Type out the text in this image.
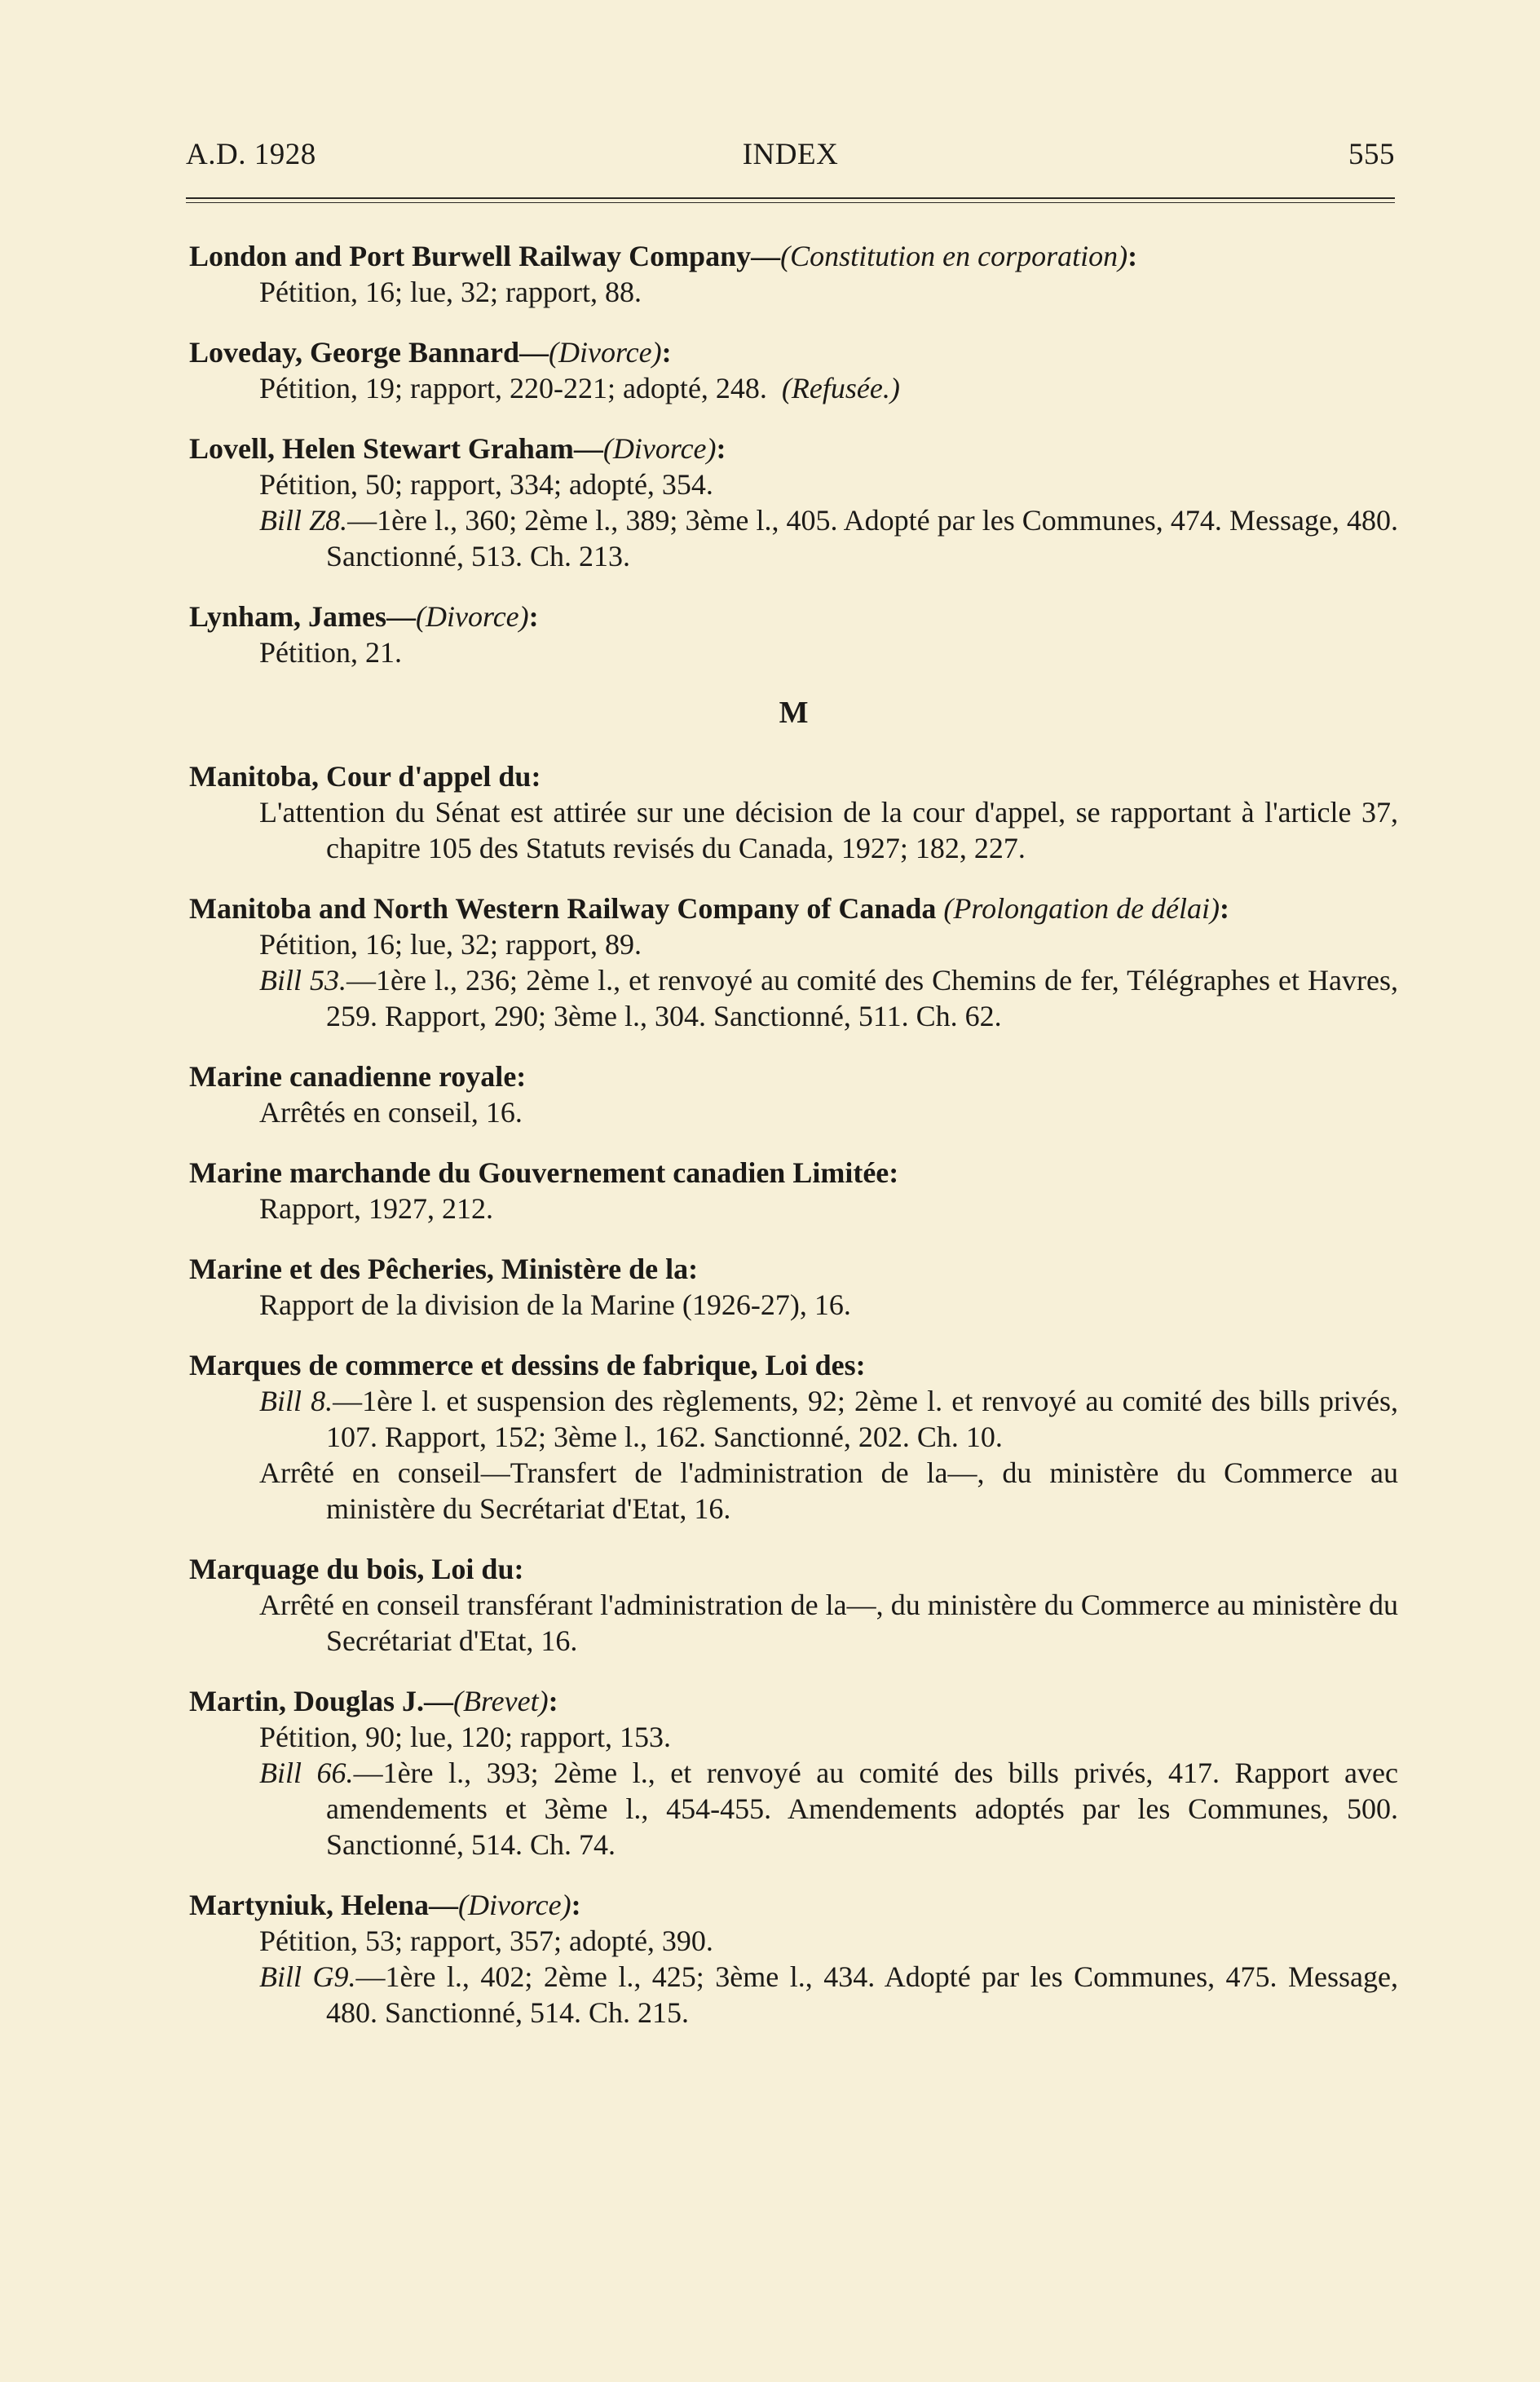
A.D. 1928	INDEX	555
London and Port Burwell Railway Company—(Constitution en corporation):
Pétition, 16; lue, 32; rapport, 88.
Loveday, George Bannard—(Divorce):
Pétition, 19; rapport, 220-221; adopté, 248. (Refusée.)
Lovell, Helen Stewart Graham—(Divorce):
Pétition, 50; rapport, 334; adopté, 354.
Bill Z8.—1ère l., 360; 2ème l., 389; 3ème l., 405. Adopté par les Communes, 474. Message, 480. Sanctionné, 513. Ch. 213.
Lynham, James—(Divorce):
Pétition, 21.
M
Manitoba, Cour d'appel du:
L'attention du Sénat est attirée sur une décision de la cour d'appel, se rapportant à l'article 37, chapitre 105 des Statuts revisés du Canada, 1927; 182, 227.
Manitoba and North Western Railway Company of Canada (Prolongation de délai):
Pétition, 16; lue, 32; rapport, 89.
Bill 53.—1ère l., 236; 2ème l., et renvoyé au comité des Chemins de fer, Télégraphes et Havres, 259. Rapport, 290; 3ème l., 304. Sanctionné, 511. Ch. 62.
Marine canadienne royale:
Arrêtés en conseil, 16.
Marine marchande du Gouvernement canadien Limitée:
Rapport, 1927, 212.
Marine et des Pêcheries, Ministère de la:
Rapport de la division de la Marine (1926-27), 16.
Marques de commerce et dessins de fabrique, Loi des:
Bill 8.—1ère l. et suspension des règlements, 92; 2ème l. et renvoyé au comité des bills privés, 107. Rapport, 152; 3ème l., 162. Sanctionné, 202. Ch. 10.
Arrêté en conseil—Transfert de l'administration de la—, du ministère du Commerce au ministère du Secrétariat d'Etat, 16.
Marquage du bois, Loi du:
Arrêté en conseil transférant l'administration de la—, du ministère du Commerce au ministère du Secrétariat d'Etat, 16.
Martin, Douglas J.—(Brevet):
Pétition, 90; lue, 120; rapport, 153.
Bill 66.—1ère l., 393; 2ème l., et renvoyé au comité des bills privés, 417. Rapport avec amendements et 3ème l., 454-455. Amendements adoptés par les Communes, 500. Sanctionné, 514. Ch. 74.
Martyniuk, Helena—(Divorce):
Pétition, 53; rapport, 357; adopté, 390.
Bill G9.—1ère l., 402; 2ème l., 425; 3ème l., 434. Adopté par les Communes, 475. Message, 480. Sanctionné, 514. Ch. 215.
